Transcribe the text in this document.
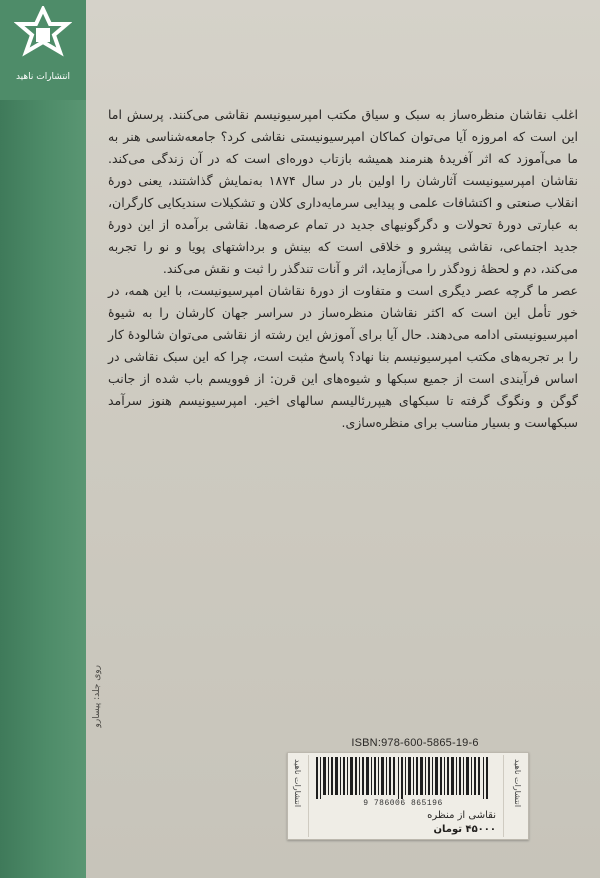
انتشارات ناهید

اغلب نقاشان منظره‌ساز به سبک و سیاق مکتب امپرسیونیسم نقاشی می‌کنند. پرسش اما این است که امروزه آیا می‌توان کماکان امپرسیونیستی نقاشی کرد؟ جامعه‌شناسی هنر به ما می‌آموزد که اثر آفریدهٔ هنرمند همیشه بازتاب دوره‌ای است که در آن زندگی می‌کند. نقاشان امپرسیونیست آثارشان را اولین بار در سال ۱۸۷۴ به‌نمایش گذاشتند، یعنی دورهٔ انقلاب صنعتی و اکتشافات علمی و پیدایی سرمایه‌داری کلان و تشکیلات سندیکایی کارگران، به عبارتی دورهٔ تحولات و دگرگونیهای جدید در تمام عرصه‌ها. نقاشی برآمده از این دورهٔ جدید اجتماعی، نقاشی پیشرو و خلاقی است که بینش و برداشتهای پویا و نو را تجربه می‌کند، دم و لحظهٔ زودگذر را می‌آزماید، اثر و آنات تندگذر را ثبت و نقش می‌کند.

عصر ما گرچه عصر دیگری است و متفاوت از دورهٔ نقاشان امپرسیونیست، با این همه، در خور تأمل این است که اکثر نقاشان منظره‌ساز در سراسر جهان کارشان را به شیوهٔ امپرسیونیستی ادامه می‌دهند. حال آیا برای آموزش این رشته از نقاشی می‌توان شالودهٔ کار را بر تجربه‌های مکتب امپرسیونیسم بنا نهاد؟ پاسخ مثبت است، چرا که این سبک نقاشی در اساس فرآیندی است از جمیع سبکها و شیوه‌های این قرن: از فوویسم باب شده از جانب گوگن و ونگوگ گرفته تا سبکهای هیپررئالیسم سالهای اخیر. امپرسیونیسم هنوز سرآمد سبکهاست و بسیار مناسب برای منظره‌سازی.

روی جلد: پیسارو
ISBN:978-600-5865-19-6
انتشارات ناهید	9 786006 865196
نقاشی از منظره
۴۵۰۰۰ تومان
انتشارات ناهید
